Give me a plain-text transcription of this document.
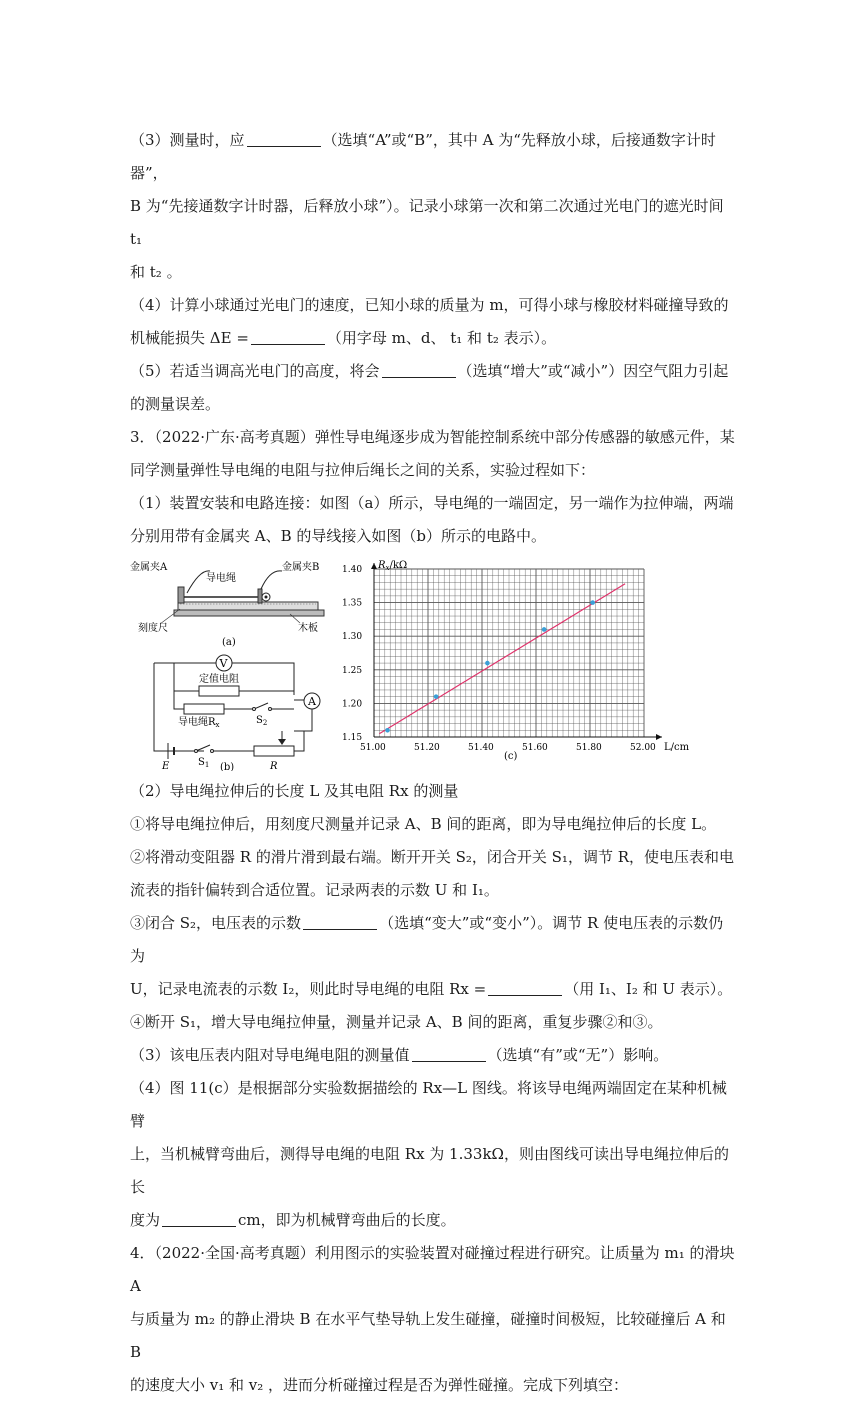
（3）测量时，应	（选填“A”或“B”，其中 A 为“先释放小球，后接通数字计时器”，

B 为“先接通数字计时器，后释放小球”）。记录小球第一次和第二次通过光电门的遮光时间 t₁

和 t₂ 。

（4）计算小球通过光电门的速度，已知小球的质量为 m，可得小球与橡胶材料碰撞导致的

机械能损失 ΔE =	（用字母 m、d、 t₁ 和 t₂ 表示）。

（5）若适当调高光电门的高度，将会	（选填“增大”或“减小”）因空气阻力引起

的测量误差。

3．（2022·广东·高考真题）弹性导电绳逐步成为智能控制系统中部分传感器的敏感元件，某

同学测量弹性导电绳的电阻与拉伸后绳长之间的关系，实验过程如下：

（1）装置安装和电路连接：如图（a）所示，导电绳的一端固定，另一端作为拉伸端，两端

分别用带有金属夹 A、B 的导线接入如图（b）所示的电路中。

金属夹A
导电绳
金属夹B
刻度尺	木板
(a)
V
定值电阻
导电绳$R_x$	$S_2$
A
E	$S_1$	R
(b)
51.00	51.20	51.40	51.60	51.80	52.00
1.15
1.20
1.25
1.30
1.35
1.40 $R_x/k\Omega$
L/cm
(c)

（2）导电绳拉伸后的长度 L 及其电阻 Rx 的测量

①将导电绳拉伸后，用刻度尺测量并记录 A、B 间的距离，即为导电绳拉伸后的长度 L。

②将滑动变阻器 R 的滑片滑到最右端。断开开关 S₂，闭合开关 S₁，调节 R，使电压表和电

流表的指针偏转到合适位置。记录两表的示数 U 和 I₁。

③闭合 S₂，电压表的示数	（选填“变大”或“变小”）。调节 R 使电压表的示数仍为

U，记录电流表的示数 I₂，则此时导电绳的电阻 Rx =	（用 I₁、I₂ 和 U 表示）。

④断开 S₁，增大导电绳拉伸量，测量并记录 A、B 间的距离，重复步骤②和③。

（3）该电压表内阻对导电绳电阻的测量值	（选填“有”或“无”）影响。

（4）图 11(c）是根据部分实验数据描绘的 Rx—L 图线。将该导电绳两端固定在某种机械臂

上，当机械臂弯曲后，测得导电绳的电阻 Rx 为 1.33kΩ，则由图线可读出导电绳拉伸后的长

度为	cm，即为机械臂弯曲后的长度。

4．（2022·全国·高考真题）利用图示的实验装置对碰撞过程进行研究。让质量为 m₁ 的滑块 A

与质量为 m₂ 的静止滑块 B 在水平气垫导轨上发生碰撞，碰撞时间极短，比较碰撞后 A 和 B

的速度大小 v₁ 和 v₂ ，进而分析碰撞过程是否为弹性碰撞。完成下列填空：
